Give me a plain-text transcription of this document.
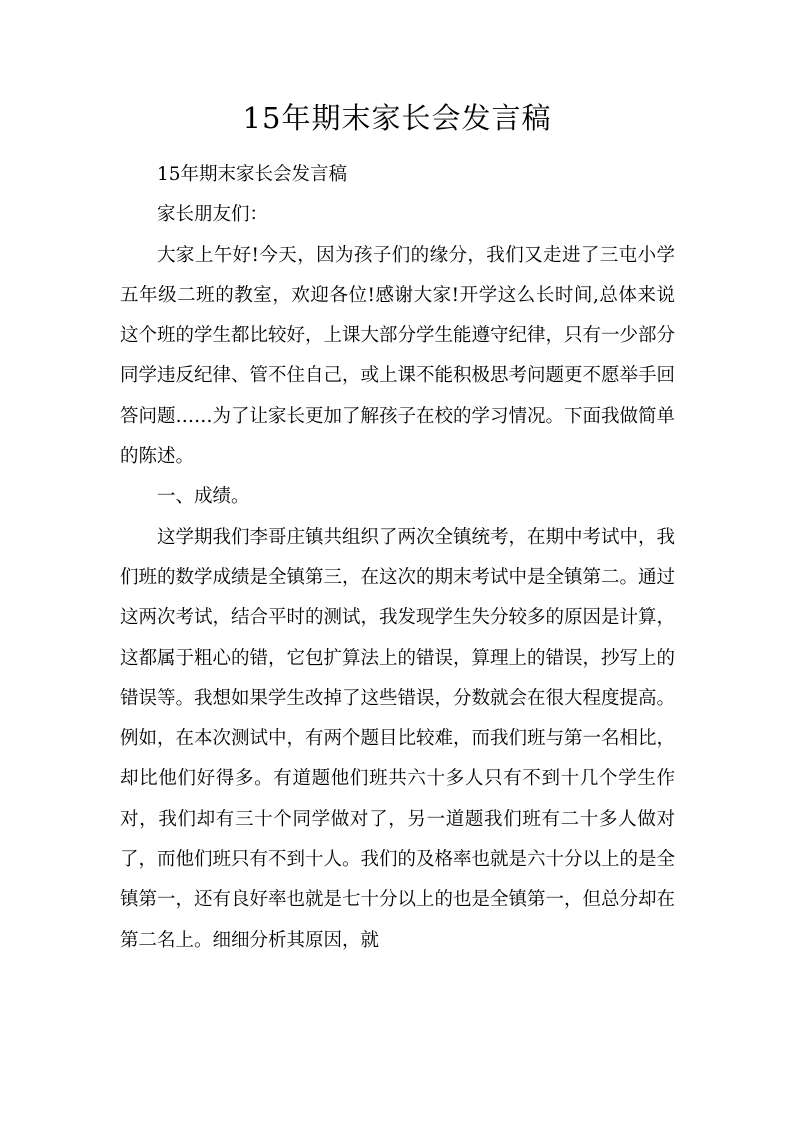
15年期末家长会发言稿

15年期末家长会发言稿

家长朋友们：

大家上午好!今天，因为孩子们的缘分，我们又走进了三屯小学五年级二班的教室，欢迎各位!感谢大家!开学这么长时间,总体来说这个班的学生都比较好，上课大部分学生能遵守纪律，只有一少部分同学违反纪律、管不住自己，或上课不能积极思考问题更不愿举手回答问题……为了让家长更加了解孩子在校的学习情况。下面我做简单的陈述。

一、成绩。

这学期我们李哥庄镇共组织了两次全镇统考，在期中考试中，我们班的数学成绩是全镇第三，在这次的期末考试中是全镇第二。通过这两次考试，结合平时的测试，我发现学生失分较多的原因是计算，这都属于粗心的错，它包扩算法上的错误，算理上的错误，抄写上的错误等。我想如果学生改掉了这些错误，分数就会在很大程度提高。例如，在本次测试中，有两个题目比较难，而我们班与第一名相比，却比他们好得多。有道题他们班共六十多人只有不到十几个学生作对，我们却有三十个同学做对了，另一道题我们班有二十多人做对了，而他们班只有不到十人。我们的及格率也就是六十分以上的是全镇第一，还有良好率也就是七十分以上的也是全镇第一，但总分却在第二名上。细细分析其原因，就
